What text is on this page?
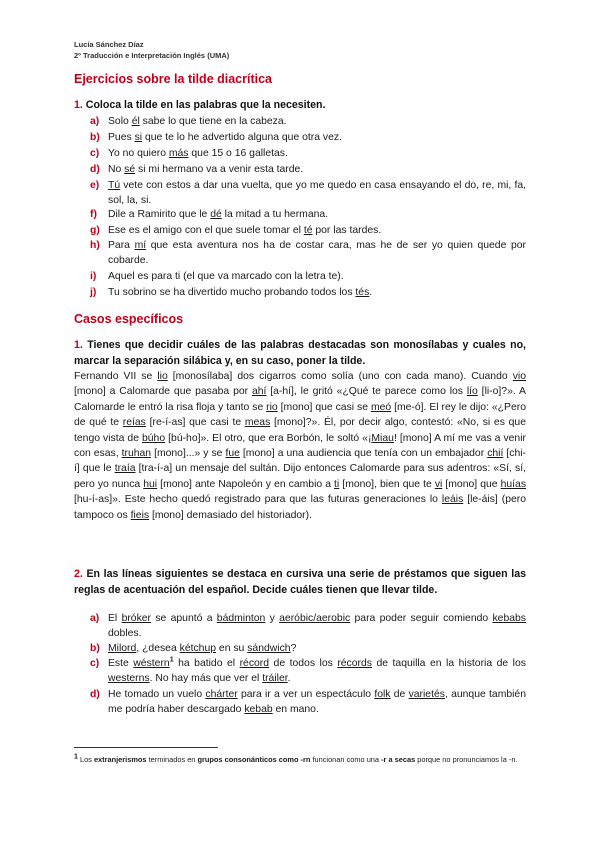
Lucía Sánchez Díaz
2º Traducción e Interpretación Inglés (UMA)
Ejercicios sobre la tilde diacrítica
1. Coloca la tilde en las palabras que la necesiten.
a) Solo él sabe lo que tiene en la cabeza.
b) Pues si que te lo he advertido alguna que otra vez.
c) Yo no quiero más que 15 o 16 galletas.
d) No sé si mi hermano va a venir esta tarde.
e) Tú vete con estos a dar una vuelta, que yo me quedo en casa ensayando el do, re, mi, fa, sol, la, si.
f)	Dile a Ramirito que le dé la mitad a tu hermana.
g) Ese es el amigo con el que suele tomar el té por las tardes.
h) Para mí que esta aventura nos ha de costar cara, mas he de ser yo quien quede por cobarde.
i)	Aquel es para ti (el que va marcado con la letra te).
j)	Tu sobrino se ha divertido mucho probando todos los tés.
Casos específicos
1. Tienes que decidir cuáles de las palabras destacadas son monosílabas y cuales no, marcar la separación silábica y, en su caso, poner la tilde.
Fernando VII se lio [monosílaba] dos cigarros como solía (uno con cada mano). Cuando vio [mono] a Calomarde que pasaba por ahí [a-hí], le gritó «¿Qué te parece como los lío [li-o]?». A Calomarde le entró la risa floja y tanto se rio [mono] que casi se meó [me-ó]. El rey le dijo: «¿Pero de qué te reías [re-í-as] que casi te meas [mono]?». Él, por decir algo, contestó: «No, si es que tengo vista de búho [bú-ho]». El otro, que era Borbón, le soltó «¡Miau! [mono] A mí me vas a venir con esas, truhan [mono]...» y se fue [mono] a una audiencia que tenía con un embajador chií [chi-í] que le traía [tra-í-a] un mensaje del sultán. Dijo entonces Calomarde para sus adentros: «Sí, sí, pero yo nunca hui [mono] ante Napoleón y en cambio a ti [mono], bien que te vi [mono] que huías [hu-í-as]». Este hecho quedó registrado para que las futuras generaciones lo leáis [le-áis] (pero tampoco os fieis [mono] demasiado del historiador).
2. En las líneas siguientes se destaca en cursiva una serie de préstamos que siguen las reglas de acentuación del español. Decide cuáles tienen que llevar tilde.
a) El bróker se apuntó a bádminton y aeróbic/aerobic para poder seguir comiendo kebabs dobles.
b) Milord, ¿desea kétchup en su sándwich?
c) Este wéstern$^1$ ha batido el récord de todos los récords de taquilla en la historia de los westerns. No hay más que ver el tráiler.
d) He tomado un vuelo chárter para ir a ver un espectáculo folk de varietés, aunque también me podría haber descargado kebab en mano.
$^1$ Los extranjerismos terminados en grupos consonánticos como -rn funcionan como una -r a secas porque no pronunciamos la -n.
